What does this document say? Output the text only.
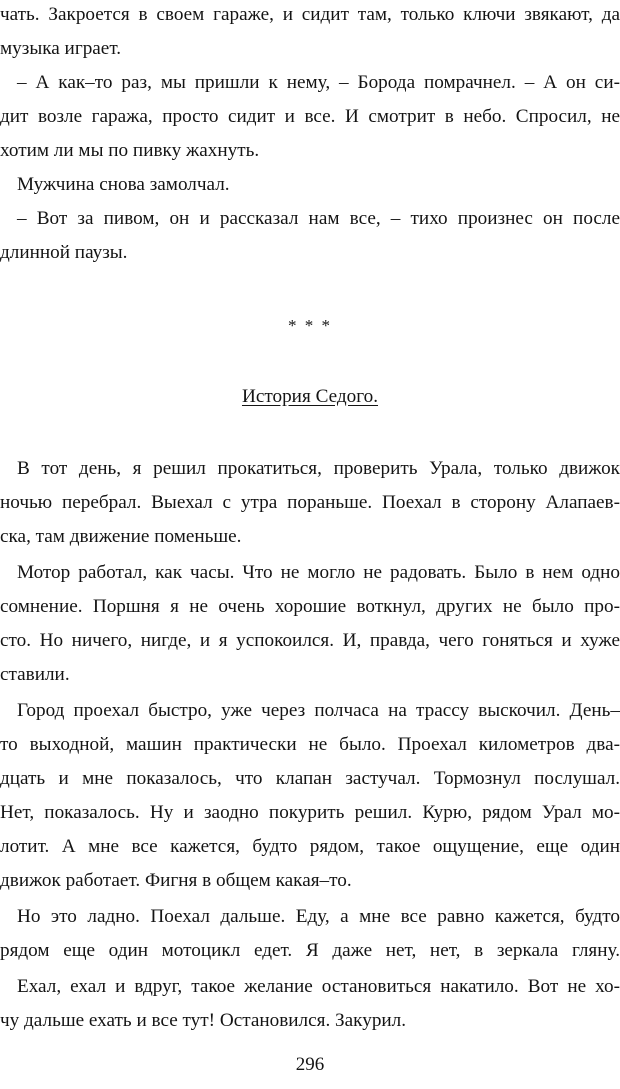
чать. Закроется в своем гараже, и сидит там, только ключи звякают, да

музыка играет.

– А как–то раз, мы пришли к нему, – Борода помрачнел. – А он си-

дит возле гаража, просто сидит и все. И смотрит в небо. Спросил, не

хотим ли мы по пивку жахнуть.

Мужчина снова замолчал.

– Вот за пивом, он и рассказал нам все, – тихо произнес он после

длинной паузы.

* * *

История Седого.

В тот день, я решил прокатиться, проверить Урала, только движок

ночью перебрал. Выехал с утра пораньше. Поехал в сторону Алапаев-

ска, там движение поменьше.

Мотор работал, как часы. Что не могло не радовать. Было в нем одно

сомнение. Поршня я не очень хорошие воткнул, других не было про-

сто. Но ничего, нигде, и я успокоился. И, правда, чего гоняться и хуже

ставили.

Город проехал быстро, уже через полчаса на трассу выскочил. День–

то выходной, машин практически не было. Проехал километров два-

дцать и мне показалось, что клапан застучал. Тормознул послушал.

Нет, показалось. Ну и заодно покурить решил. Курю, рядом Урал мо-

лотит. А мне все кажется, будто рядом, такое ощущение, еще один

движок работает. Фигня в общем какая–то.

Но это ладно. Поехал дальше. Еду, а мне все равно кажется, будто

рядом еще один мотоцикл едет. Я даже нет, нет, в зеркала гляну.

Ехал, ехал и вдруг, такое желание остановиться накатило. Вот не хо-

чу дальше ехать и все тут! Остановился. Закурил.

296
